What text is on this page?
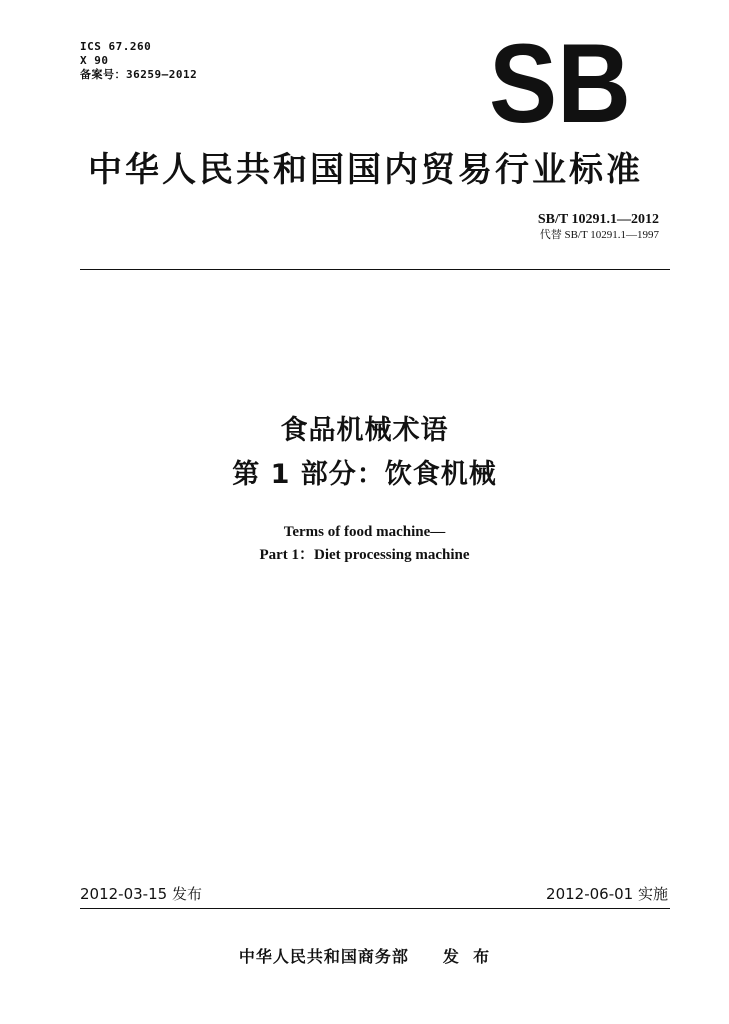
ICS 67.260
X 90
备案号：36259—2012	SB
中华人民共和国国内贸易行业标准
SB/T 10291.1—2012
代替 SB/T 10291.1—1997
食品机械术语
第 1 部分：饮食机械
Terms of food machine—
Part 1：Diet processing machine
2012-03-15 发布	2012-06-01 实施
中华人民共和国商务部 发  布
